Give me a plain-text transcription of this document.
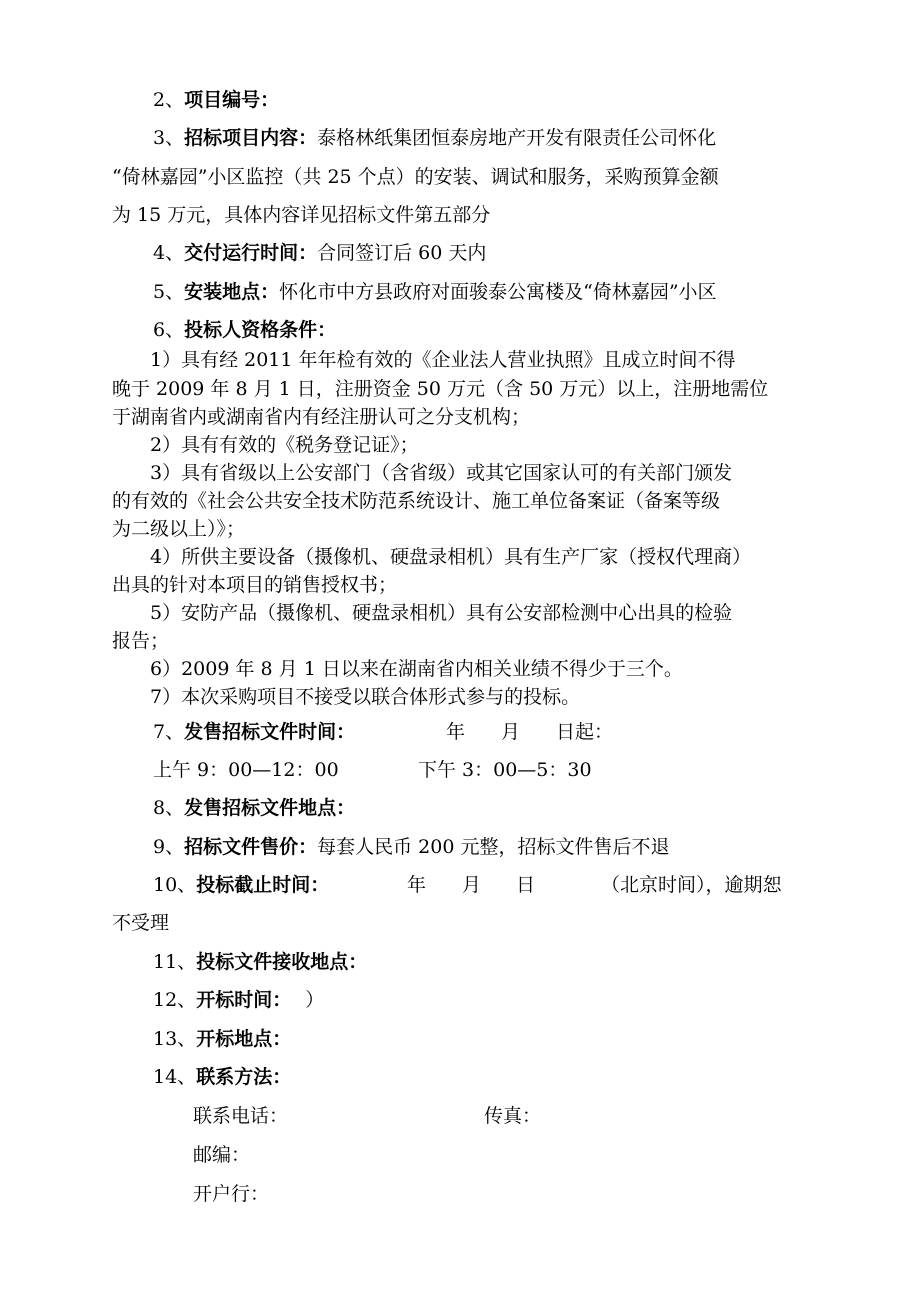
2、项目编号：
3、招标项目内容：泰格林纸集团恒泰房地产开发有限责任公司怀化
“倚林嘉园”小区监控（共 25 个点）的安装、调试和服务，采购预算金额
为 15 万元，具体内容详见招标文件第五部分
4、交付运行时间：合同签订后 60 天内
5、安装地点：怀化市中方县政府对面骏泰公寓楼及“倚林嘉园”小区
6、投标人资格条件：
1）具有经 2011 年年检有效的《企业法人营业执照》且成立时间不得
晚于 2009 年 8 月 1 日，注册资金 50 万元（含 50 万元）以上，注册地需位
于湖南省内或湖南省内有经注册认可之分支机构；
2）具有有效的《税务登记证》；
3）具有省级以上公安部门（含省级）或其它国家认可的有关部门颁发
的有效的《社会公共安全技术防范系统设计、施工单位备案证（备案等级
为二级以上）》；
4）所供主要设备（摄像机、硬盘录相机）具有生产厂家（授权代理商）
出具的针对本项目的销售授权书；
5）安防产品（摄像机、硬盘录相机）具有公安部检测中心出具的检验
报告；
6）2009 年 8 月 1 日以来在湖南省内相关业绩不得少于三个。
7）本次采购项目不接受以联合体形式参与的投标。
7、发售招标文件时间：	年 月 日起：
上午 9：00—12：00	下午 3：00—5：30
8、发售招标文件地点：
9、招标文件售价：每套人民币 200 元整，招标文件售后不退
10、投标截止时间：	年 月 日	（北京时间），逾期恕
不受理
11、投标文件接收地点：
12、开标时间： ）
13、开标地点：
14、联系方法：
联系电话：	传真：
邮编：
开户行：
